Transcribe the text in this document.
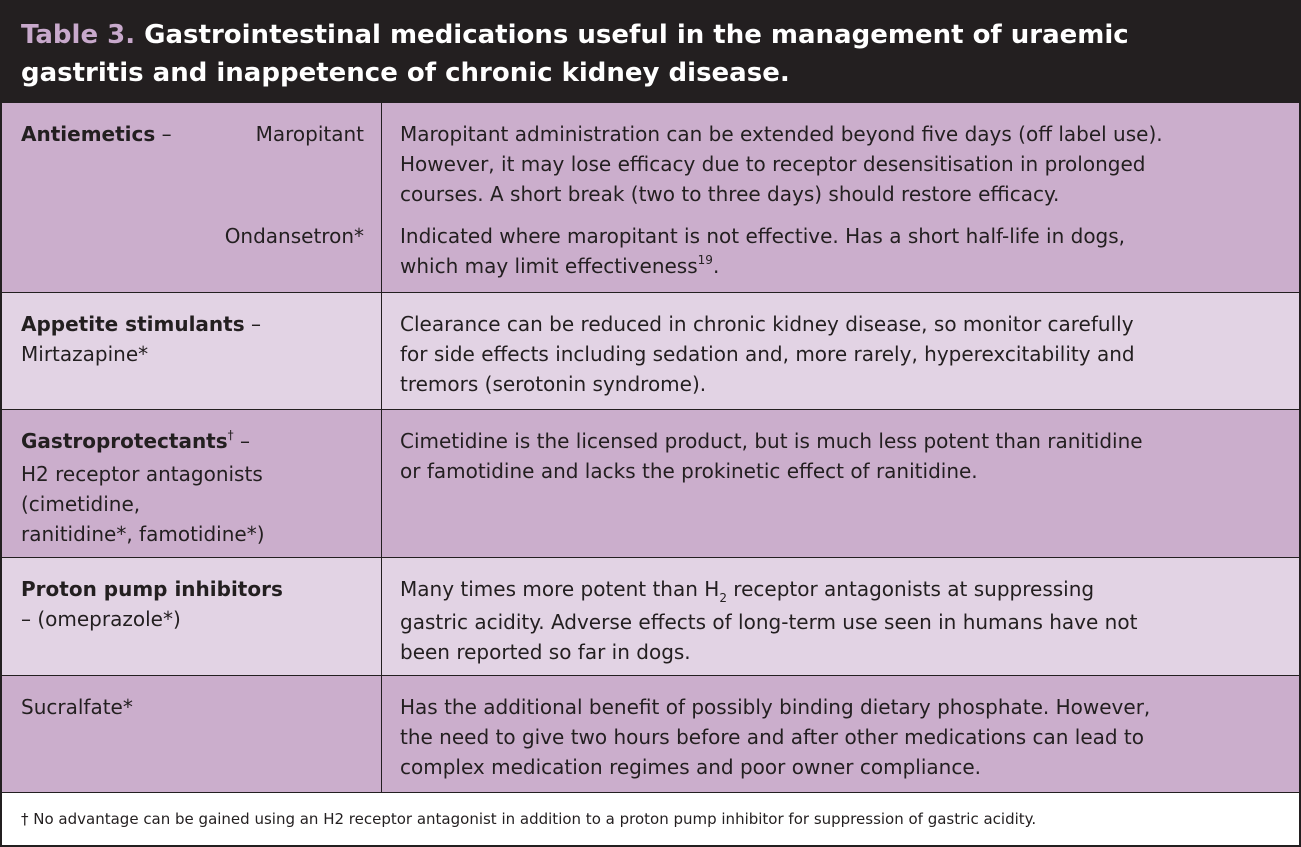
Table 3. Gastrointestinal medications useful in the management of uraemic
gastritis and inappetence of chronic kidney disease.
Antiemetics –	Maropitant
Ondansetron*
Maropitant administration can be extended beyond five days (off label use).
However, it may lose efficacy due to receptor desensitisation in prolonged
courses. A short break (two to three days) should restore efficacy.
Indicated where maropitant is not effective. Has a short half-life in dogs,
which may limit effectiveness$^{19}$.
Appetite stimulants –
Mirtazapine*
Clearance can be reduced in chronic kidney disease, so monitor carefully
for side effects including sedation and, more rarely, hyperexcitability and
tremors (serotonin syndrome).
Gastroprotectants† –
H2 receptor antagonists
(cimetidine,
ranitidine*, famotidine*)
Cimetidine is the licensed product, but is much less potent than ranitidine
or famotidine and lacks the prokinetic effect of ranitidine.
Proton pump inhibitors
– (omeprazole*)
Many times more potent than $H_2$ receptor antagonists at suppressing
gastric acidity. Adverse effects of long-term use seen in humans have not
been reported so far in dogs.
Sucralfate*	Has the additional benefit of possibly binding dietary phosphate. However,
the need to give two hours before and after other medications can lead to
complex medication regimes and poor owner compliance.
† No advantage can be gained using an H2 receptor antagonist in addition to a proton pump inhibitor for suppression of gastric acidity.
